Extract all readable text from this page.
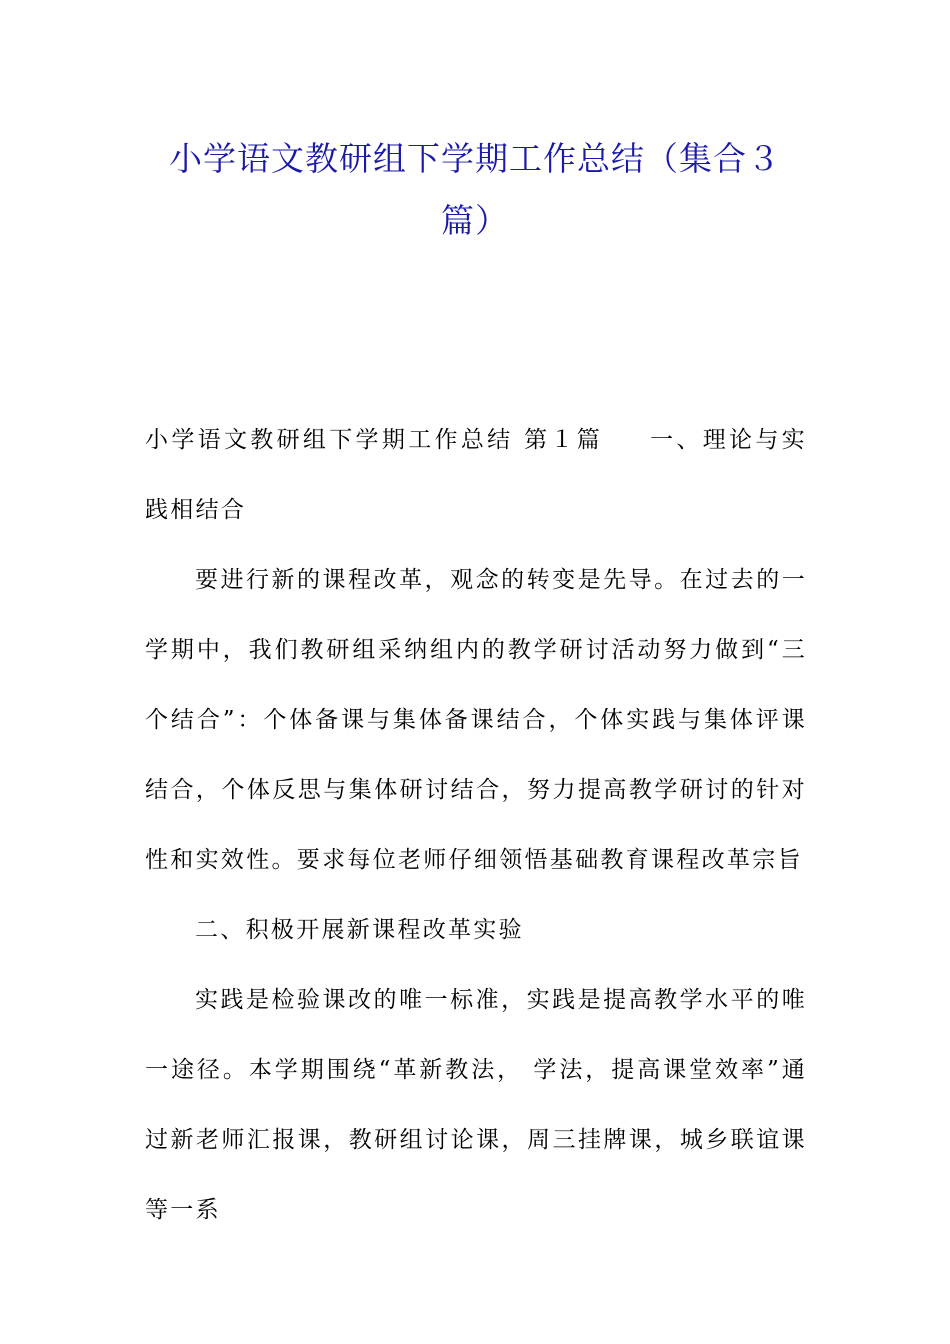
小学语文教研组下学期工作总结（集合３篇）

小学语文教研组下学期工作总结 第１篇 一、理论与实践相结合

要进行新的课程改革，观念的转变是先导。在过去的一学期中，我们教研组采纳组内的教学研讨活动努力做到“三个结合”：个体备课与集体备课结合，个体实践与集体评课结合，个体反思与集体研讨结合，努力提高教学研讨的针对性和实效性。要求每位老师仔细领悟基础教育课程改革宗旨

二、积极开展新课程改革实验

实践是检验课改的唯一标准，实践是提高教学水平的唯一途径。本学期围绕“革新教法， 学法，提高课堂效率”通过新老师汇报课，教研组讨论课，周三挂牌课，城乡联谊课等一系
